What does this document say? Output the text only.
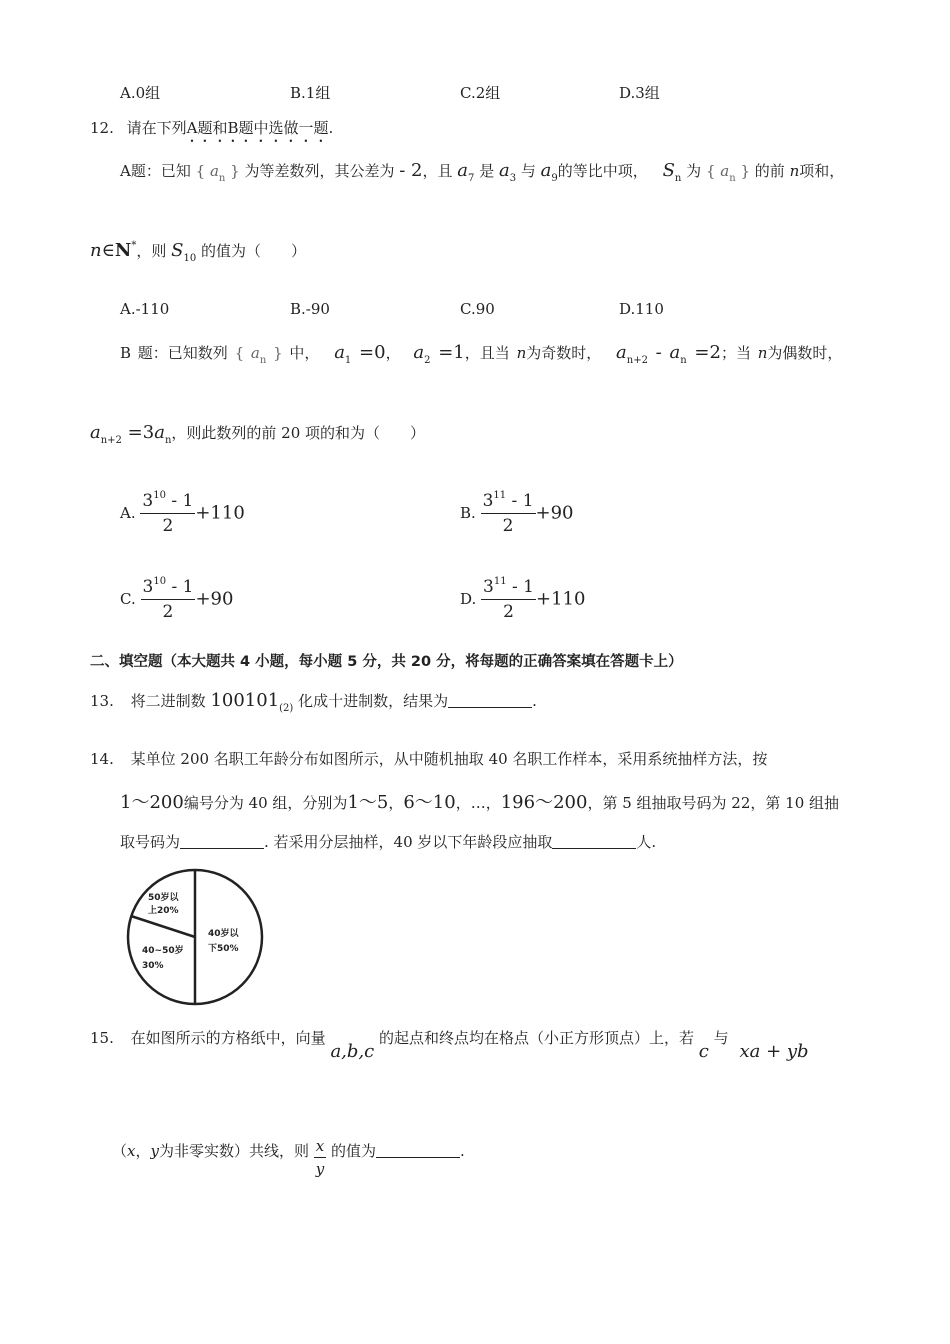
A.0组	B.1组	C.2组	D.3组
12. 请在下列A题和B题中选做一题.
A题：已知 { $a_n$ } 为等差数列，其公差为 - 2，且 $a_7$ 是 $a_3$ 与 $a_9$的等比中项， $S_n$ 为 { $a_n$ } 的前 n项和，
n∈N*，则 $S_{10}$ 的值为（　　）
A.-110	B.-90	C.90	D.110
B 题：已知数列 { $a_n$ } 中， $a_1 =0$， $a_2 =1$，且当 n为奇数时， $a_{n+2} - a_n =2$；当 n为偶数时，
$a_{n+2} =3a_n$，则此数列的前 20 项的和为（　　）
A. $\frac{3^{10} - 1}{2} +110$	B. $\frac{3^{11} - 1}{2} +90$
C. $\frac{3^{10} - 1}{2} +90$	D. $\frac{3^{11} - 1}{2} +110$
二、填空题（本大题共 4 小题，每小题 5 分，共 20 分，将每题的正确答案填在答题卡上）
13. 将二进制数 $100101_{(2)}$ 化成十进制数，结果为	.
14. 某单位 200 名职工年龄分布如图所示，从中随机抽取 40 名职工作样本，采用系统抽样方法，按
1～200编号分为 40 组，分别为1～5，6～10，…，196～200，第 5 组抽取号码为 22，第 10 组抽
取号码为	. 若采用分层抽样，40 岁以下年龄段应抽取	人.
50岁以
上20%
40~50岁
30%
40岁以
下50%
15. 在如图所示的方格纸中，向量 a,b,c 的起点和终点均在格点（小正方形顶点）上，若 c 与 xa + yb
（x，y为非零实数）共线，则 $\frac{x}{y}$ 的值为	.
